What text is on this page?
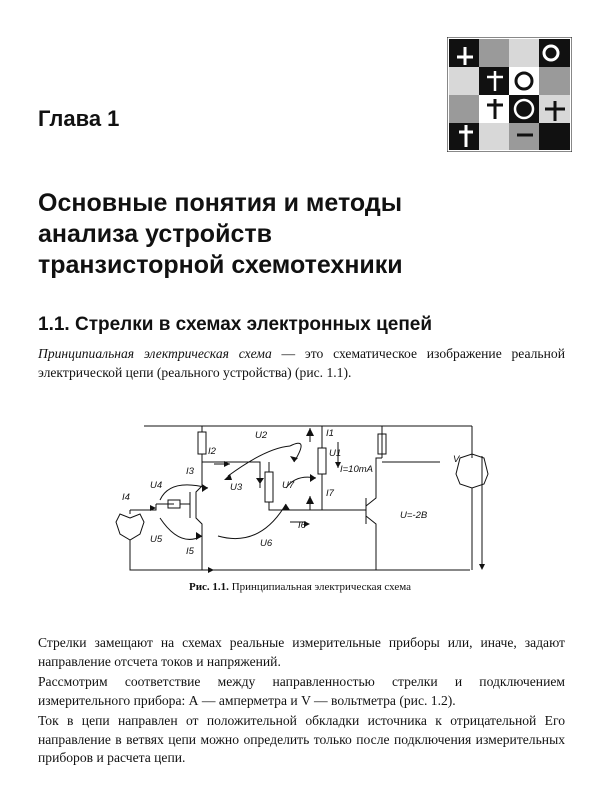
Глава 1
Основные понятия и методы
анализа устройств
транзисторной схемотехники
1.1. Стрелки в схемах электронных цепей
Принципиальная электрическая схема — это схематическое изображение реальной электрической цепи (реального устройства) (рис. 1.1).
U2	I1
U1
I2
I3	I=10mA
U4	U3	U7
I7
I4
I6
U=-2B
U5
I5
U6
V
Рис. 1.1. Принципиальная электрическая схема
Стрелки замещают на схемах реальные измерительные приборы или, иначе, задают направление отсчета токов и напряжений.
Рассмотрим соответствие между направленностью стрелки и подключением измерительного прибора: А — амперметра и V — вольтметра (рис. 1.2).
Ток в цепи направлен от положительной обкладки источника к отрицательной Его направление в ветвях цепи можно определить только после подключения измерительных приборов и расчета цепи.
